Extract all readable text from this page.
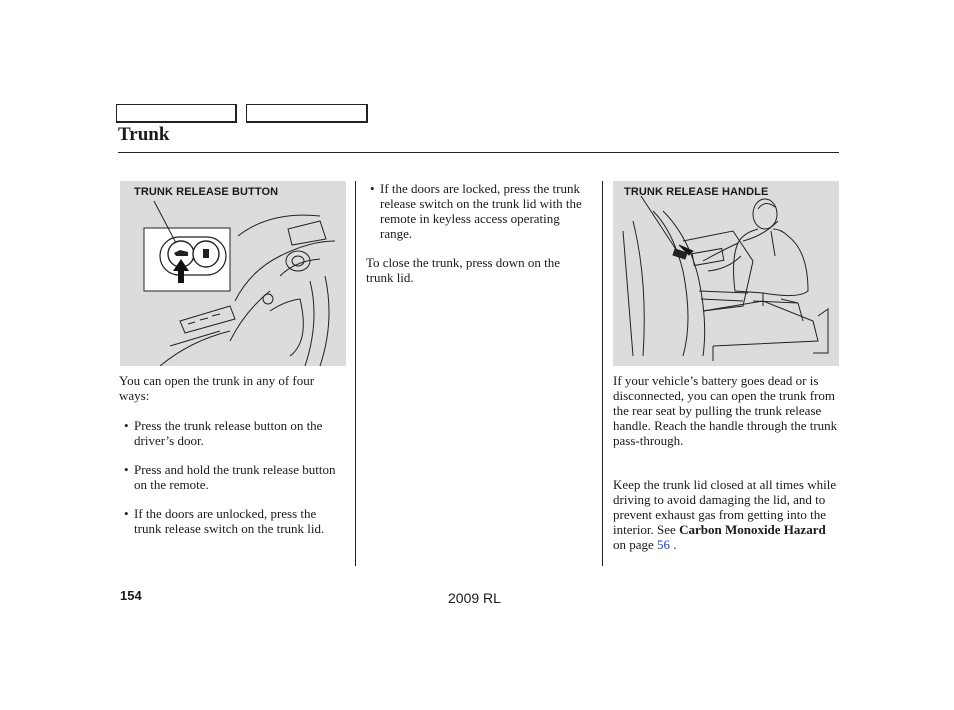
Trunk
TRUNK RELEASE BUTTON	TRUNK RELEASE HANDLE

You can open the trunk in any of four ways:

• Press the trunk release button on the driver’s door.
• Press and hold the trunk release button on the remote.
• If the doors are unlocked, press the trunk release switch on the trunk lid.
• If the doors are locked, press the trunk release switch on the trunk lid with the remote in keyless access operating range.

To close the trunk, press down on the trunk lid.

If your vehicle’s battery goes dead or is disconnected, you can open the trunk from the rear seat by pulling the trunk release handle. Reach the handle through the trunk pass-through.

Keep the trunk lid closed at all times while driving to avoid damaging the lid, and to prevent exhaust gas from getting into the interior. See Carbon Monoxide Hazard on page 56 .

154	2009 RL
